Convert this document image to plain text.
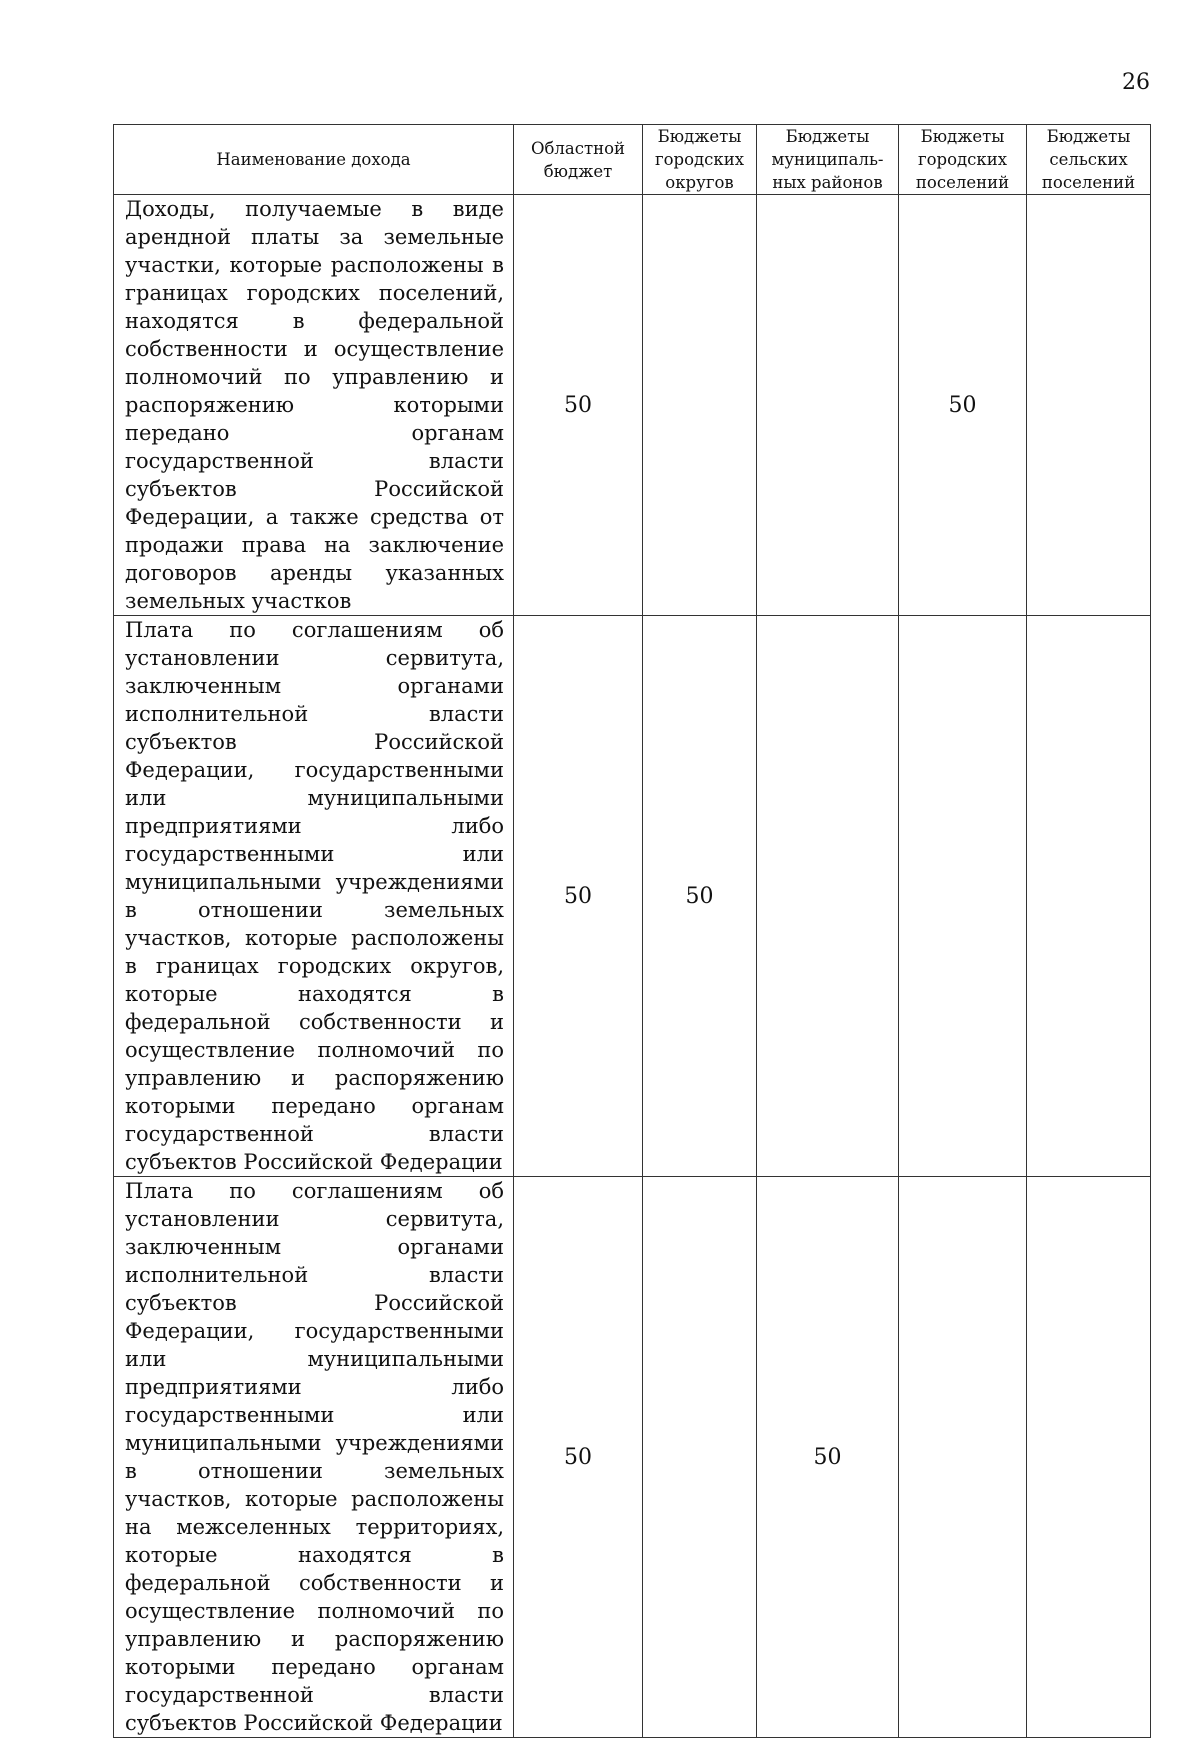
26
Наименование дохода	Областной бюджет	Бюджеты городских округов	Бюджеты муниципаль-ных районов	Бюджеты городских поселений	Бюджеты сельских поселений
Доходы, получаемые в виде арендной платы за земельные участки, которые расположены в границах городских поселений, находятся в федеральной собственности и осуществление полномочий по управлению и распоряжению которыми передано органам государственной власти субъектов Российской Федерации, а также средства от продажи права на заключение договоров аренды указанных земельных участков	50			50	
Плата по соглашениям об установлении сервитута, заключенным органами исполнительной власти субъектов Российской Федерации, государственными или муниципальными предприятиями либо государственными или муниципальными учреждениями в отношении земельных участков, которые расположены в границах городских округов, которые находятся в федеральной собственности и осуществление полномочий по управлению и распоряжению которыми передано органам государственной власти субъектов Российской Федерации	50	50			
Плата по соглашениям об установлении сервитута, заключенным органами исполнительной власти субъектов Российской Федерации, государственными или муниципальными предприятиями либо государственными или муниципальными учреждениями в отношении земельных участков, которые расположены на межселенных территориях, которые находятся в федеральной собственности и осуществление полномочий по управлению и распоряжению которыми передано органам государственной власти субъектов Российской Федерации	50		50		
